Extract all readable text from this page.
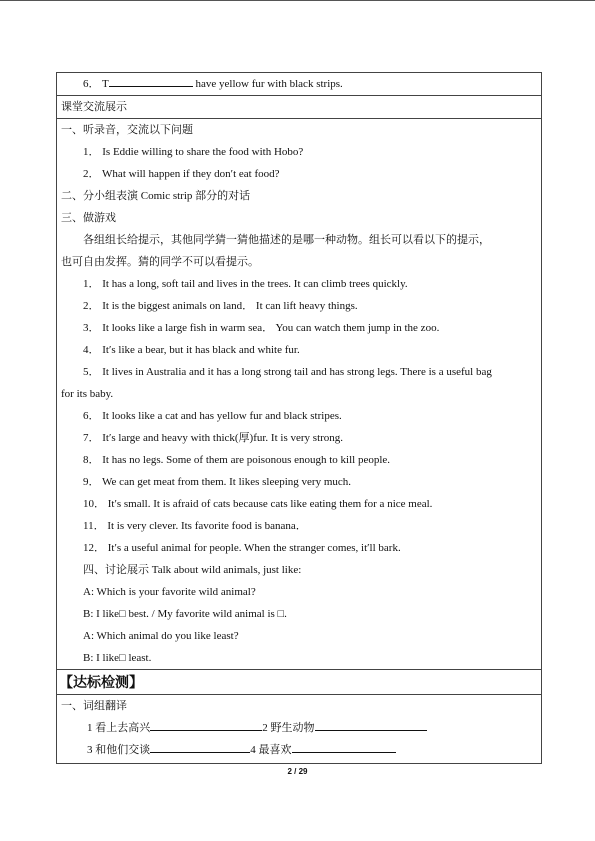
6． T	have yellow fur with black strips.
课堂交流展示
一、听录音，交流以下问题
1． Is Eddie willing to share the food with Hobo?
2． What will happen if they don′t eat food?
二、分小组表演 Comic strip 部分的对话
三、做游戏
各组组长给提示，其他同学猜一猜他描述的是哪一种动物。组长可以看以下的提示，
也可自由发挥。猜的同学不可以看提示。
1． It has a long, soft tail and lives in the trees. It can climb trees quickly.
2． It is the biggest animals on land． It can lift heavy things.
3． It looks like a large fish in warm sea． You can watch them jump in the zoo.
4． It′s like a bear, but it has black and white fur.
5． It lives in Australia and it has a long strong tail and has strong legs. There is a useful bag
for its baby.
6． It looks like a cat and has yellow fur and black stripes.
7． It′s large and heavy with thick(厚)fur. It is very strong.
8． It has no legs. Some of them are poisonous enough to kill people.
9． We can get meat from them. It likes sleeping very much.
10． It′s small. It is afraid of cats because cats like eating them for a nice meal.
11． It is very clever. Its favorite food is banana．
12． It′s a useful animal for people. When the stranger comes, it′ll bark.
四、讨论展示 Talk about wild animals, just like:
A: Which is your favorite wild animal?
B: I like□ best. / My favorite wild animal is □.
A: Which animal do you like least?
B: I like□ least.
【达标检测】
一、词组翻译
1 看上去高兴	2 野生动物
3 和他们交谈	4 最喜欢
2 / 29
